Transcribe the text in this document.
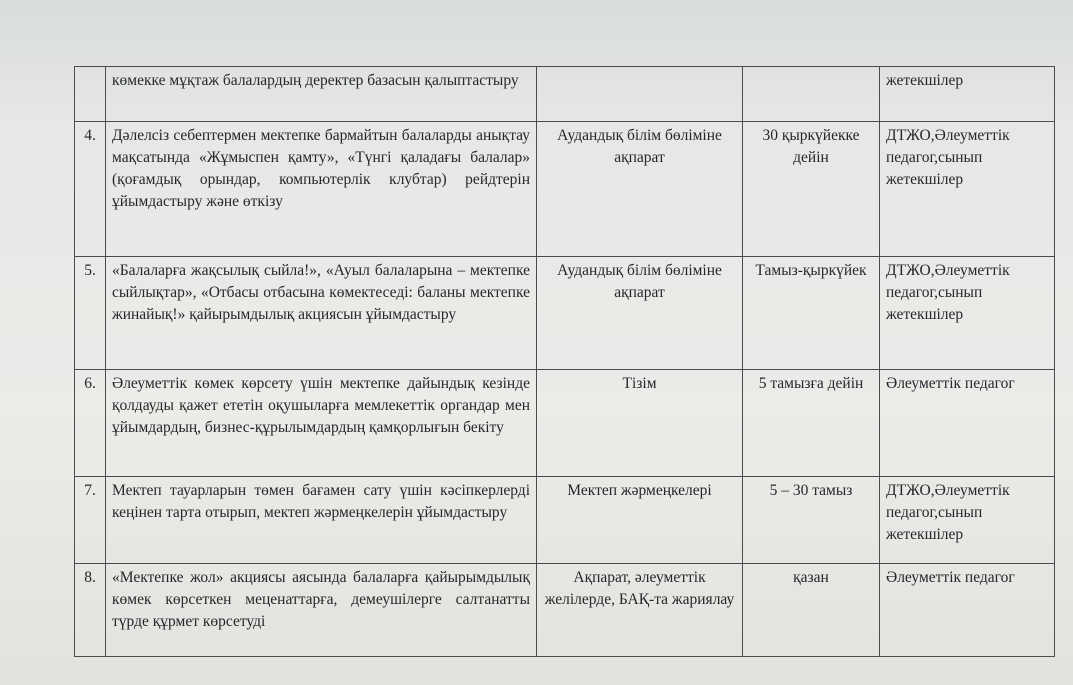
	көмекке мұқтаж балалардың деректер базасын қалыптастыру			жетекшілер
4.	Дәлелсіз себептермен мектепке бармайтын балаларды анықтау мақсатында «Жұмыспен қамту», «Түнгі қаладағы балалар» (қоғамдық орындар, компьютерлік клубтар) рейдтерін ұйымдастыру және өткізу	Аудандық білім бөліміне ақпарат	30 қыркүйекке дейін	ДТЖО,Әлеуметтік педагог,сынып жетекшілер
5.	«Балаларға жақсылық сыйла!», «Ауыл балаларына – мектепке сыйлықтар», «Отбасы отбасына көмектеседі: баланы мектепке жинайық!» қайырымдылық акциясын ұйымдастыру	Аудандық білім бөліміне ақпарат	Тамыз-қыркүйек	ДТЖО,Әлеуметтік педагог,сынып жетекшілер
6.	Әлеуметтік көмек көрсету үшін мектепке дайындық кезінде қолдауды қажет ететін оқушыларға мемлекеттік органдар мен ұйымдардың, бизнес-құрылымдардың қамқорлығын бекіту	Тізім	5 тамызға дейін	Әлеуметтік педагог
7.	Мектеп тауарларын төмен бағамен сату үшін кәсіпкерлерді кеңінен тарта отырып, мектеп жәрмеңкелерін ұйымдастыру	Мектеп жәрмеңкелері	5 – 30 тамыз	ДТЖО,Әлеуметтік педагог,сынып жетекшілер
8.	«Мектепке жол» акциясы аясында балаларға қайырымдылық көмек көрсеткен меценаттарға, демеушілерге салтанатты түрде құрмет көрсетуді	Ақпарат, әлеуметтік желілерде, БАҚ-та жариялау	қазан	Әлеуметтік педагог
